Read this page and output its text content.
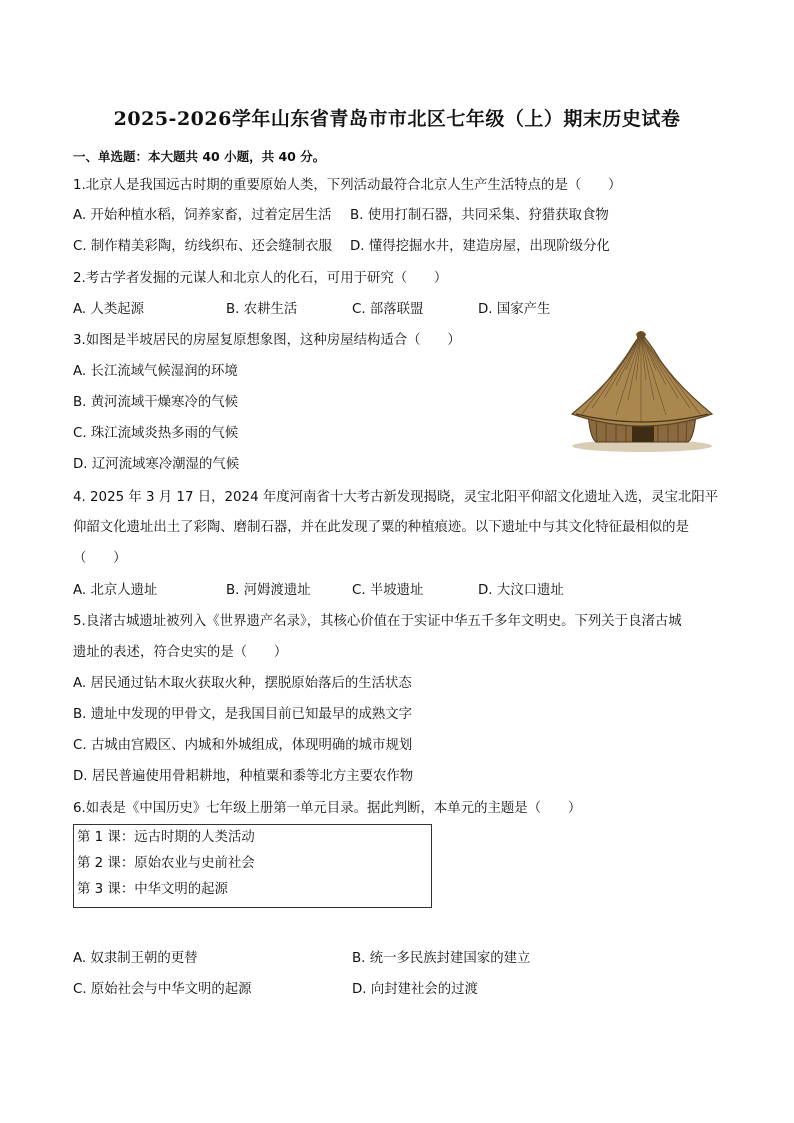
2025-2026学年山东省青岛市市北区七年级（上）期末历史试卷
一、单选题：本大题共 40 小题，共 40 分。
1.北京人是我国远古时期的重要原始人类，下列活动最符合北京人生产生活特点的是（　　）
A. 开始种植水稻，饲养家畜，过着定居生活 B. 使用打制石器，共同采集、狩猎获取食物
C. 制作精美彩陶，纺线织布、还会缝制衣服 D. 懂得挖掘水井，建造房屋，出现阶级分化
2.考古学者发掘的元谋人和北京人的化石，可用于研究（　　）
A. 人类起源	B. 农耕生活	C. 部落联盟	D. 国家产生
3.如图是半坡居民的房屋复原想象图，这种房屋结构适合（　　）
A. 长江流域气候湿润的环境
B. 黄河流域干燥寒冷的气候
C. 珠江流域炎热多雨的气候
D. 辽河流域寒冷潮湿的气候
4. 2025 年 3 月 17 日，2024 年度河南省十大考古新发现揭晓，灵宝北阳平仰韶文化遗址入选，灵宝北阳平
仰韶文化遗址出土了彩陶、磨制石器，并在此发现了粟的种植痕迹。以下遗址中与其文化特征最相似的是
（　　）
A. 北京人遗址	B. 河姆渡遗址	C. 半坡遗址	D. 大汶口遗址
5.良渚古城遗址被列入《世界遗产名录》，其核心价值在于实证中华五千多年文明史。下列关于良渚古城
遗址的表述，符合史实的是（　　）
A. 居民通过钻木取火获取火种，摆脱原始落后的生活状态
B. 遗址中发现的甲骨文，是我国目前已知最早的成熟文字
C. 古城由宫殿区、内城和外城组成，体现明确的城市规划
D. 居民普遍使用骨耜耕地，种植粟和黍等北方主要农作物
6.如表是《中国历史》七年级上册第一单元目录。据此判断，本单元的主题是（　　）
第 1 课：远古时期的人类活动
第 2 课：原始农业与史前社会
第 3 课：中华文明的起源
A. 奴隶制王朝的更替	B. 统一多民族封建国家的建立
C. 原始社会与中华文明的起源	D. 向封建社会的过渡
